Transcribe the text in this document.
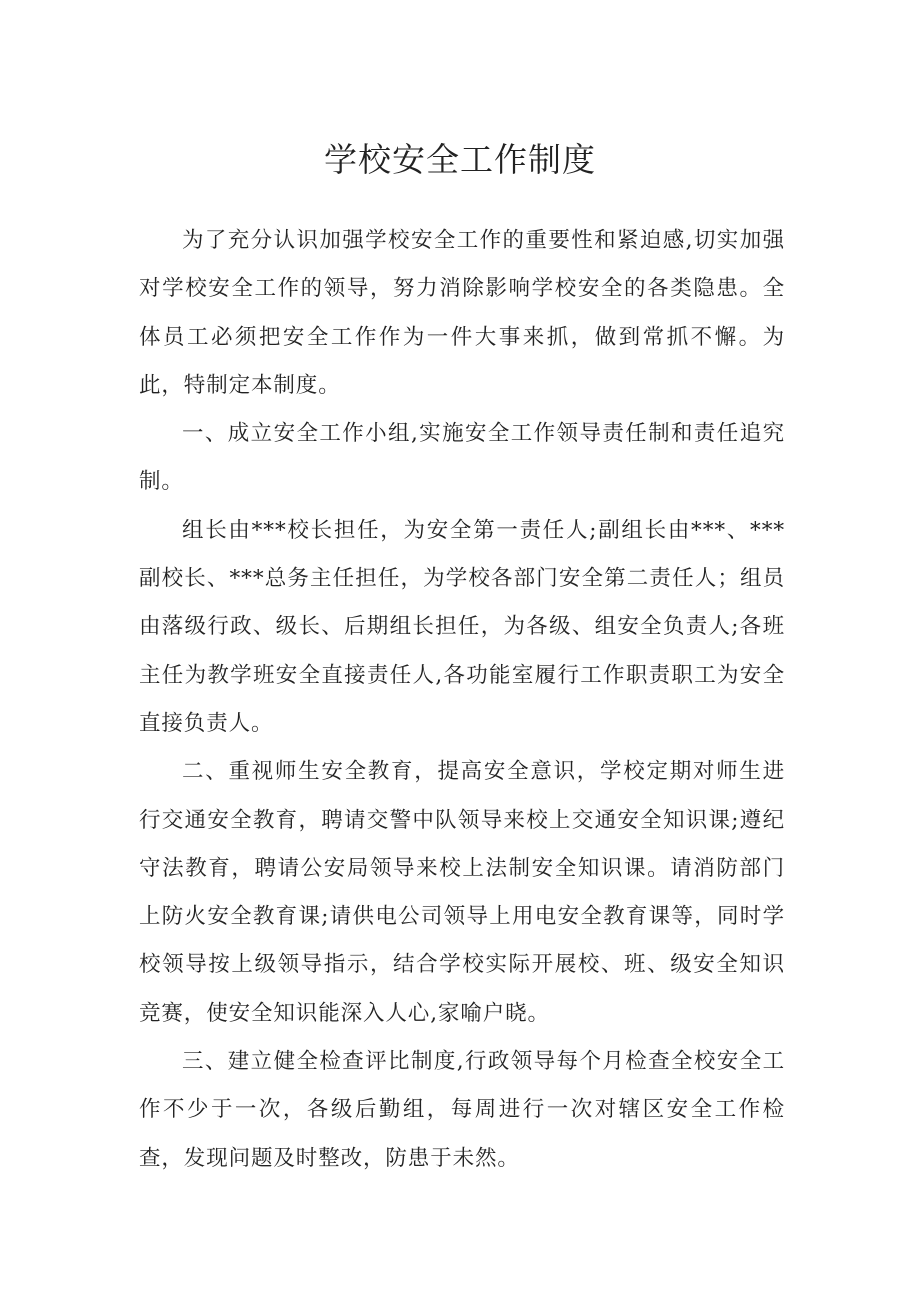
学校安全工作制度

为了充分认识加强学校安全工作的重要性和紧迫感,切实加强对学校安全工作的领导，努力消除影响学校安全的各类隐患。全体员工必须把安全工作作为一件大事来抓，做到常抓不懈。为此，特制定本制度。

一、成立安全工作小组,实施安全工作领导责任制和责任追究制。

组长由***校长担任，为安全第一责任人;副组长由***、***副校长、***总务主任担任，为学校各部门安全第二责任人；组员由落级行政、级长、后期组长担任，为各级、组安全负责人;各班主任为教学班安全直接责任人,各功能室履行工作职责职工为安全直接负责人。

二、重视师生安全教育，提高安全意识，学校定期对师生进行交通安全教育，聘请交警中队领导来校上交通安全知识课;遵纪守法教育，聘请公安局领导来校上法制安全知识课。请消防部门上防火安全教育课;请供电公司领导上用电安全教育课等，同时学校领导按上级领导指示，结合学校实际开展校、班、级安全知识竞赛，使安全知识能深入人心,家喻户晓。

三、建立健全检查评比制度,行政领导每个月检查全校安全工作不少于一次，各级后勤组，每周进行一次对辖区安全工作检查，发现问题及时整改，防患于未然。
